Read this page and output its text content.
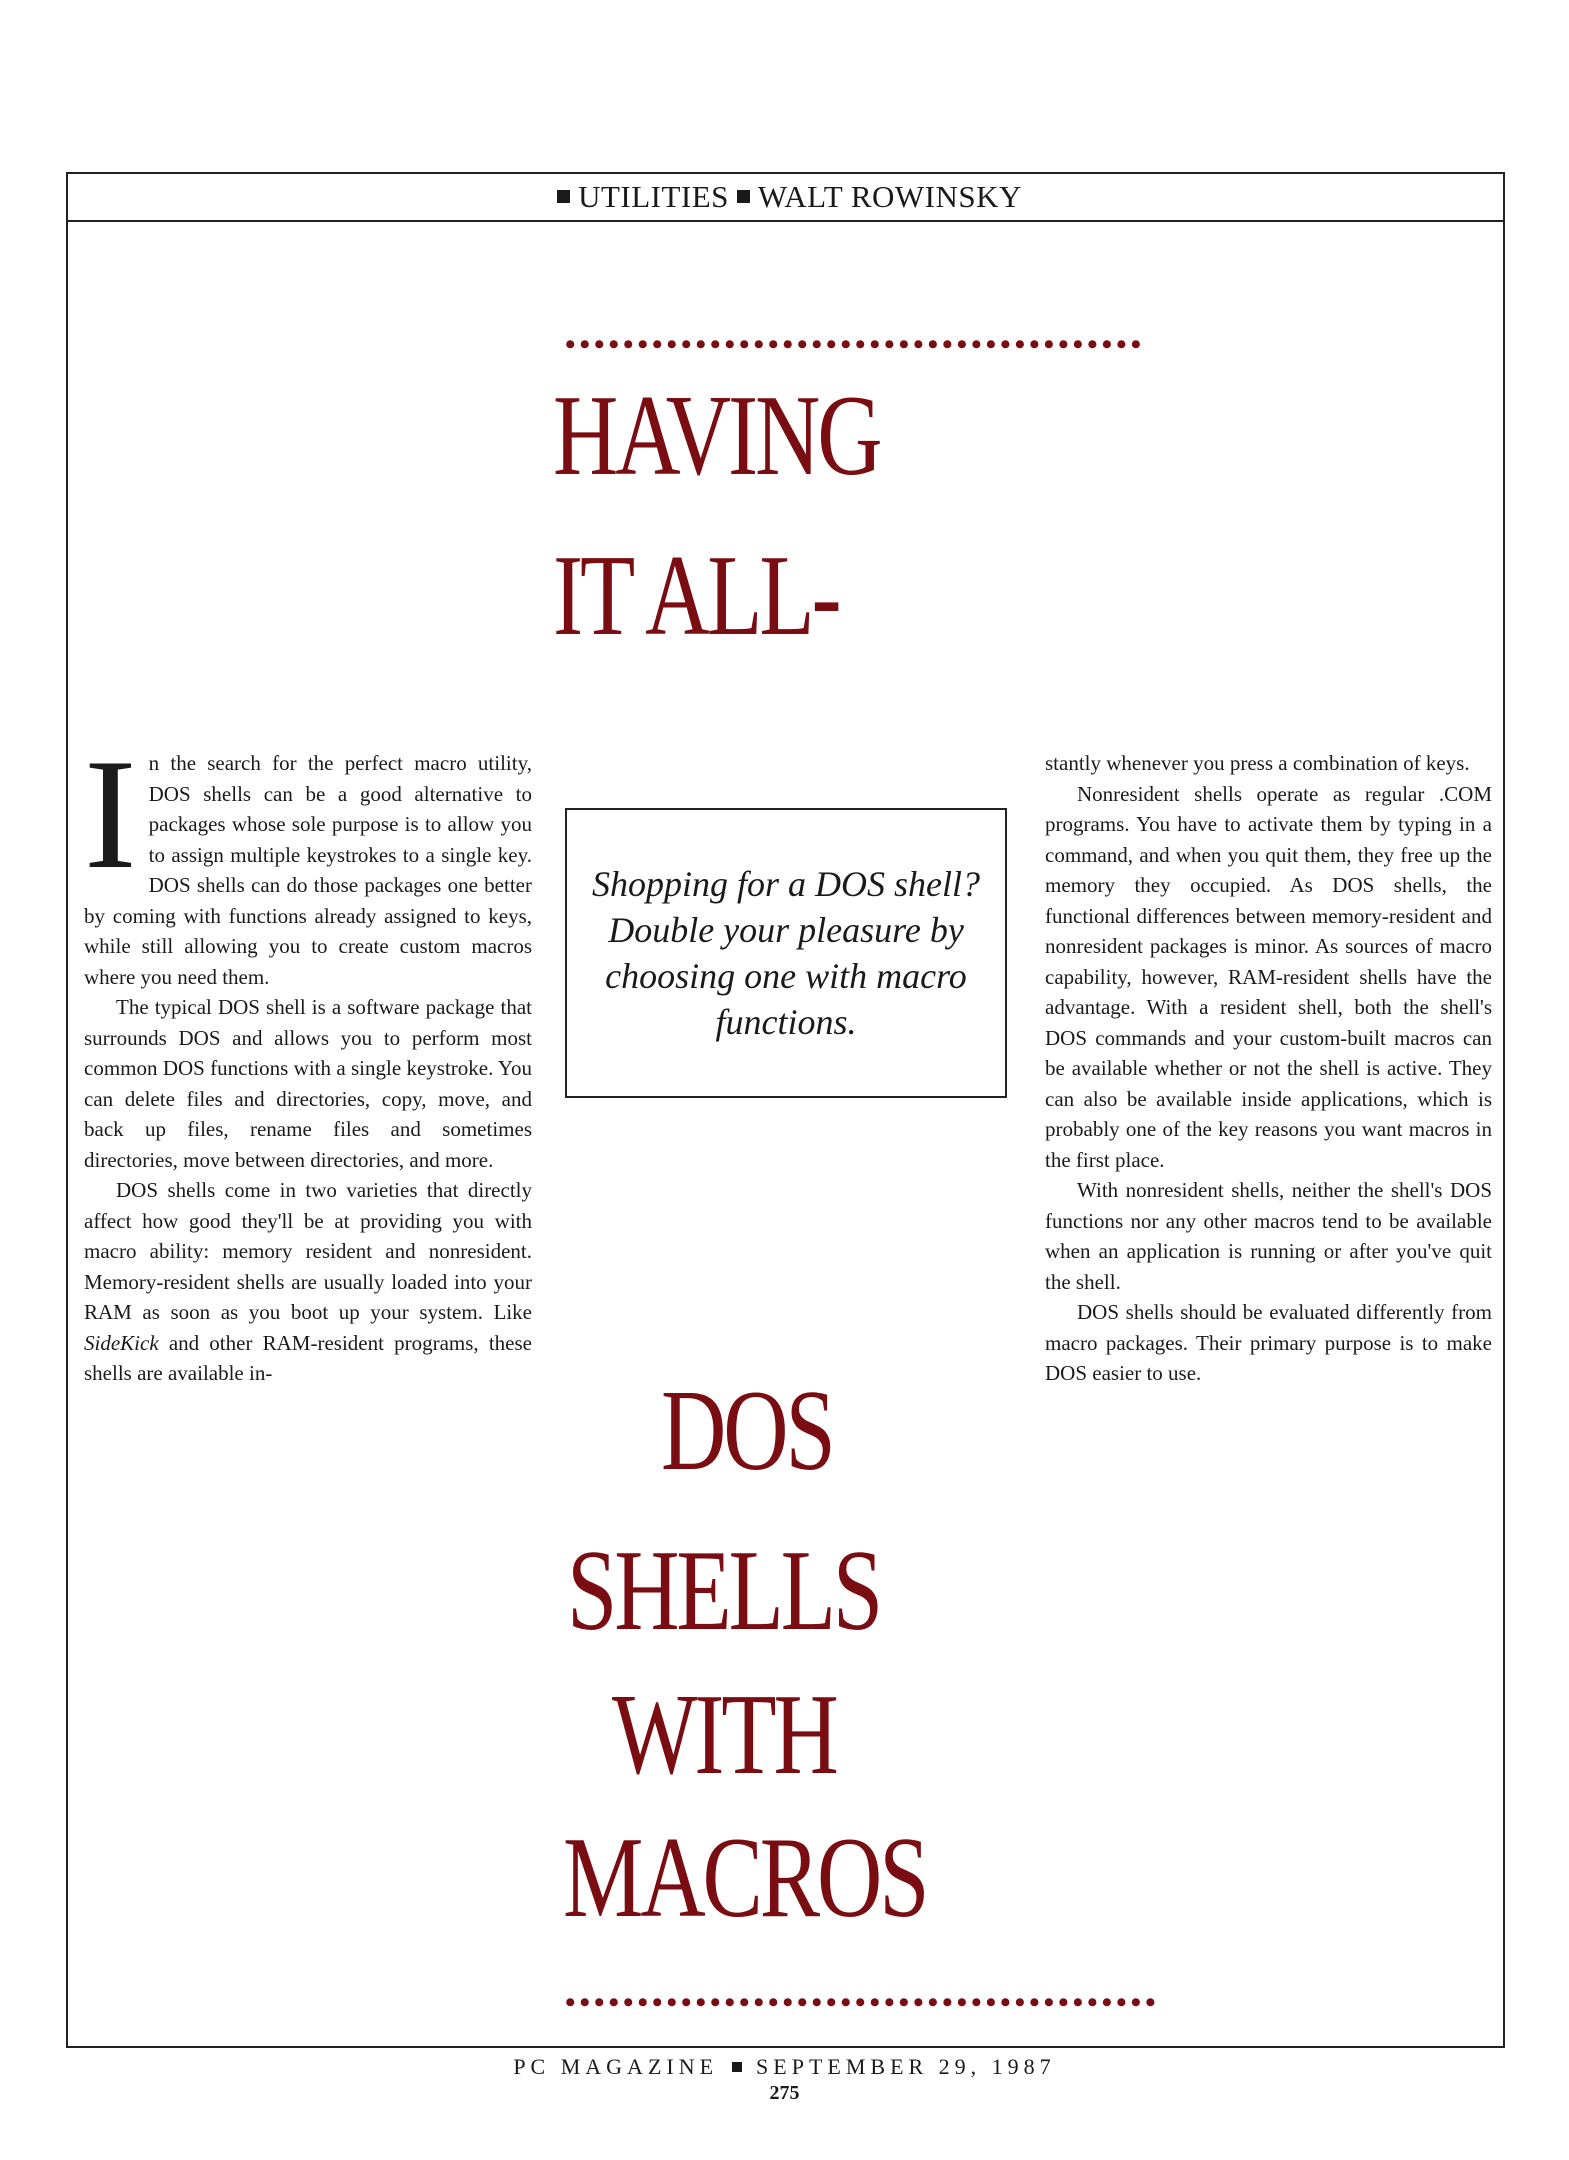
UTILITIES WALT ROWINSKY
••••••••••••••••••••••••••••••••••••••••
HAVING
IT ALL-
Shopping for a DOS shell? Double your pleasure by choosing one with macro functions.
DOS
SHELLS
WITH
MACROS
•••••••••••••••••••••••••••••••••••••••••

In the search for the perfect macro utility, DOS shells can be a good alternative to packages whose sole purpose is to allow you to assign multiple keystrokes to a single key. DOS shells can do those packages one better by coming with functions already assigned to keys, while still allowing you to create custom macros where you need them.

The typical DOS shell is a software package that surrounds DOS and allows you to perform most common DOS functions with a single keystroke. You can delete files and directories, copy, move, and back up files, rename files and sometimes directories, move between directories, and more.

DOS shells come in two varieties that directly affect how good they'll be at providing you with macro ability: memory resident and nonresident. Memory-resident shells are usually loaded into your RAM as soon as you boot up your system. Like SideKick and other RAM-resident programs, these shells are available in-

stantly whenever you press a combination of keys.

Nonresident shells operate as regular .COM programs. You have to activate them by typing in a command, and when you quit them, they free up the memory they occupied. As DOS shells, the functional differences between memory-resident and nonresident packages is minor. As sources of macro capability, however, RAM-resident shells have the advantage. With a resident shell, both the shell's DOS commands and your custom-built macros can be available whether or not the shell is active. They can also be available inside applications, which is probably one of the key reasons you want macros in the first place.

With nonresident shells, neither the shell's DOS functions nor any other macros tend to be available when an application is running or after you've quit the shell.

DOS shells should be evaluated differently from macro packages. Their primary purpose is to make DOS easier to use.

PC MAGAZINE SEPTEMBER 29, 1987
275
